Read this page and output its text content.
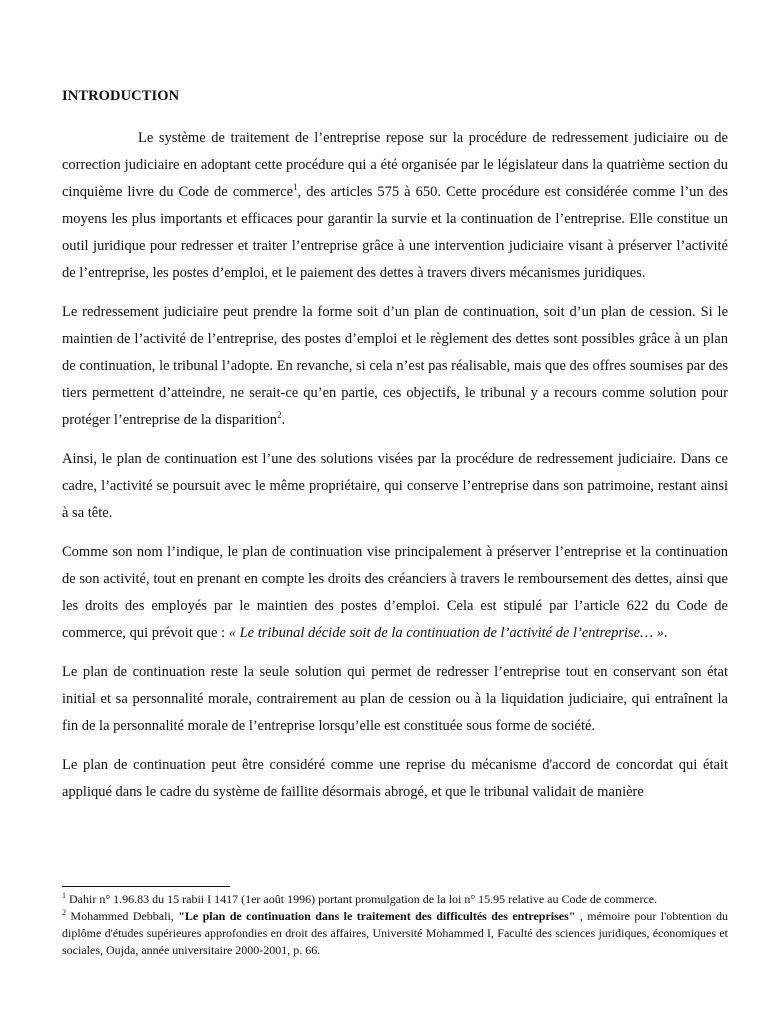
INTRODUCTION

Le système de traitement de l’entreprise repose sur la procédure de redressement judiciaire ou de correction judiciaire en adoptant cette procédure qui a été organisée par le législateur dans la quatrième section du cinquième livre du Code de commerce$^1$, des articles 575 à 650. Cette procédure est considérée comme l’un des moyens les plus importants et efficaces pour garantir la survie et la continuation de l’entreprise. Elle constitue un outil juridique pour redresser et traiter l’entreprise grâce à une intervention judiciaire visant à préserver l’activité de l’entreprise, les postes d’emploi, et le paiement des dettes à travers divers mécanismes juridiques.

Le redressement judiciaire peut prendre la forme soit d’un plan de continuation, soit d’un plan de cession. Si le maintien de l’activité de l’entreprise, des postes d’emploi et le règlement des dettes sont possibles grâce à un plan de continuation, le tribunal l’adopte. En revanche, si cela n’est pas réalisable, mais que des offres soumises par des tiers permettent d’atteindre, ne serait-ce qu’en partie, ces objectifs, le tribunal y a recours comme solution pour protéger l’entreprise de la disparition$^2$.

Ainsi, le plan de continuation est l’une des solutions visées par la procédure de redressement judiciaire. Dans ce cadre, l’activité se poursuit avec le même propriétaire, qui conserve l’entreprise dans son patrimoine, restant ainsi à sa tête.

Comme son nom l’indique, le plan de continuation vise principalement à préserver l’entreprise et la continuation de son activité, tout en prenant en compte les droits des créanciers à travers le remboursement des dettes, ainsi que les droits des employés par le maintien des postes d’emploi. Cela est stipulé par l’article 622 du Code de commerce, qui prévoit que : « Le tribunal décide soit de la continuation de l’activité de l’entreprise… ».

Le plan de continuation reste la seule solution qui permet de redresser l’entreprise tout en conservant son état initial et sa personnalité morale, contrairement au plan de cession ou à la liquidation judiciaire, qui entraînent la fin de la personnalité morale de l’entreprise lorsqu’elle est constituée sous forme de société.

Le plan de continuation peut être considéré comme une reprise du mécanisme d'accord de concordat qui était appliqué dans le cadre du système de faillite désormais abrogé, et que le tribunal validait de manière

$^1$ Dahir n° 1.96.83 du 15 rabii I 1417 (1er août 1996) portant promulgation de la loi n° 15.95 relative au Code de commerce.

$^2$ Mohammed Debbali, "Le plan de continuation dans le traitement des difficultés des entreprises" , mémoire pour l'obtention du diplôme d'études supérieures approfondies en droit des affaires, Université Mohammed I, Faculté des sciences juridiques, économiques et sociales, Oujda, année universitaire 2000-2001, p. 66.
